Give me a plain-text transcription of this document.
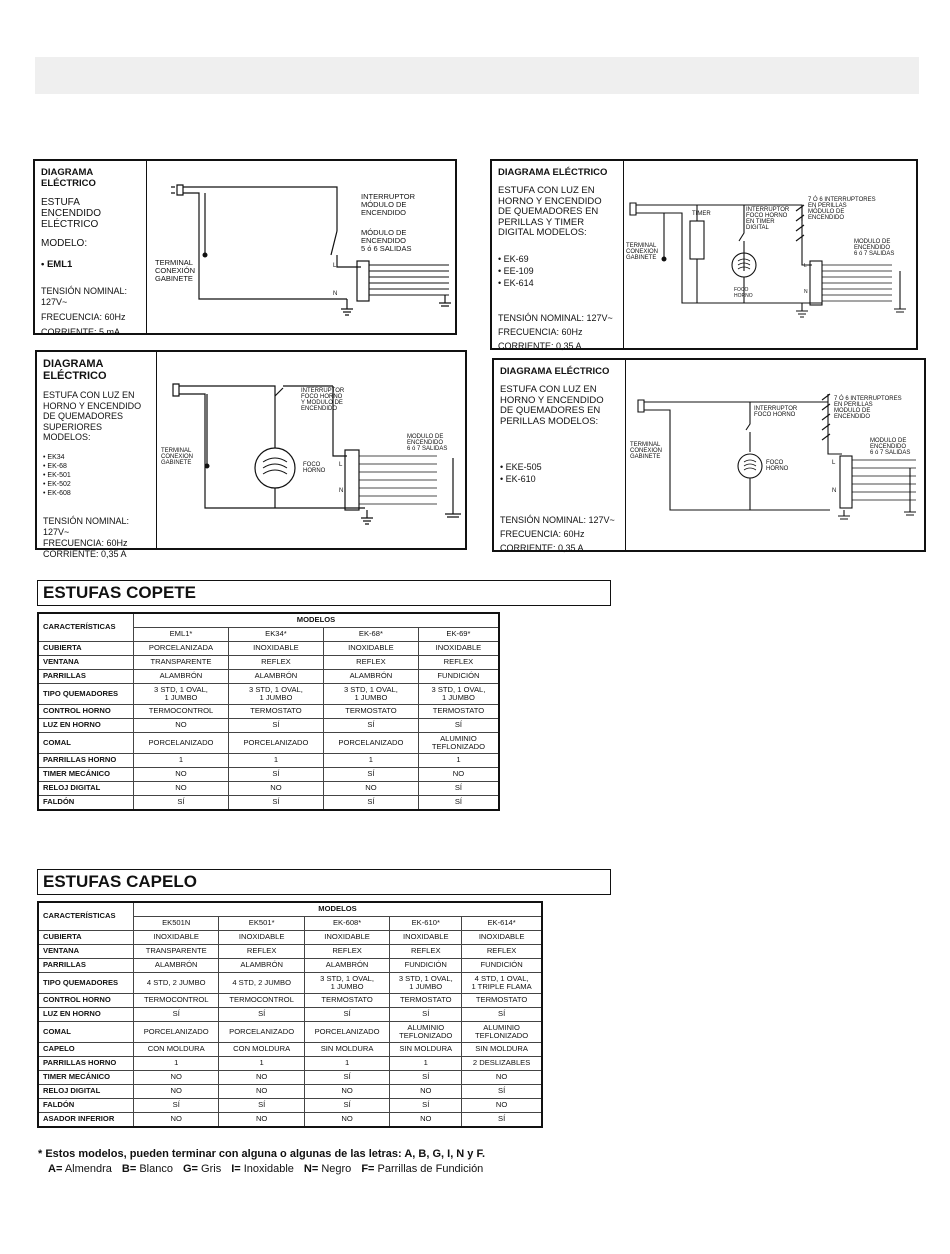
DIAGRAMA ELÉCTRICO
ESTUFA ENCENDIDO ELÉCTRICO
MODELO:
• EML1

TENSIÓN NOMINAL: 127V~

FRECUENCIA: 60Hz

CORRIENTE: 5 mA

TERMINAL
CONEXIÓN
GABINETE
INTERRUPTOR
MÓDULO DE
ENCENDIDO
MÓDULO DE
ENCENDIDO
5 ó 6 SALIDAS
L
N
DIAGRAMA ELÉCTRICO
ESTUFA CON LUZ EN HORNO Y ENCENDIDO DE QUEMADORES EN PERILLAS Y TIMER DIGITAL MODELOS:
• EK-69
• EE-109
• EK-614

TENSIÓN NOMINAL: 127V~

FRECUENCIA: 60Hz

CORRIENTE: 0,35 A

TERMINAL
CONEXION
GABINETE
TIMER
INTERRUPTOR
FOCO HORNO
EN TIMER
DIGITAL
7 Ó 6 INTERRUPTORES
EN PERILLAS
MÓDULO DE
ENCENDIDO
FOCO
HORNO
MODULO DE
ENCENDIDO
6 ó 7 SALIDAS
L
N
DIAGRAMA ELÉCTRICO
ESTUFA CON LUZ EN HORNO Y ENCENDIDO DE QUEMADORES SUPERIORES MODELOS:
• EK34
• EK-68
• EK-501
• EK-502
• EK-608

TENSIÓN NOMINAL: 127V~

FRECUENCIA: 60Hz

CORRIENTE: 0,35 A

TERMINAL
CONEXION
GABINETE
INTERRUPTOR
FOCO HORNO
Y MODULO DE
ENCENDIDO
FOCO
HORNO
MODULO DE
ENCENDIDO
6 ó 7 SALIDAS
L
N
DIAGRAMA ELÉCTRICO
ESTUFA CON LUZ EN HORNO Y ENCENDIDO DE QUEMADORES EN PERILLAS MODELOS:
• EKE-505
• EK-610

TENSIÓN NOMINAL: 127V~

FRECUENCIA: 60Hz

CORRIENTE: 0,35 A

TERMINAL
CONEXION
GABINETE
INTERRUPTOR
FOCO HORNO
7 Ó 6 INTERRUPTORES
EN PERILLAS
MODULO DE
ENCENDIDO
FOCO
HORNO
MODULO DE
ENCENDIDO
6 ó 7 SALIDAS
L
N
ESTUFAS COPETE
CARACTERÍSTICAS	MODELOS			
	EML1*	EK34*	EK-68*	EK-69*
CUBIERTA	PORCELANIZADA	INOXIDABLE	INOXIDABLE	INOXIDABLE
VENTANA	TRANSPARENTE	REFLEX	REFLEX	REFLEX
PARRILLAS	ALAMBRÓN	ALAMBRÓN	ALAMBRÓN	FUNDICIÓN
TIPO QUEMADORES	3 STD, 1 OVAL,
1 JUMBO	3 STD, 1 OVAL,
1 JUMBO	3 STD, 1 OVAL,
1 JUMBO	3 STD, 1 OVAL,
1 JUMBO
CONTROL HORNO	TERMOCONTROL	TERMOSTATO	TERMOSTATO	TERMOSTATO
LUZ EN HORNO	NO	SÍ	SÍ	SÍ
COMAL	PORCELANIZADO	PORCELANIZADO	PORCELANIZADO	ALUMINIO
TEFLONIZADO
PARRILLAS HORNO	1	1	1	1
TIMER MECÁNICO	NO	SÍ	SÍ	NO
RELOJ DIGITAL	NO	NO	NO	SÍ
FALDÓN	SÍ	SÍ	SÍ	SÍ
ESTUFAS CAPELO
CARACTERÍSTICAS	MODELOS				
	EK501N	EK501*	EK-608*	EK-610*	EK-614*
CUBIERTA	INOXIDABLE	INOXIDABLE	INOXIDABLE	INOXIDABLE	INOXIDABLE
VENTANA	TRANSPARENTE	REFLEX	REFLEX	REFLEX	REFLEX
PARRILLAS	ALAMBRÓN	ALAMBRÓN	ALAMBRÓN	FUNDICIÓN	FUNDICIÓN
TIPO QUEMADORES	4 STD, 2 JUMBO	4 STD, 2 JUMBO	3 STD, 1 OVAL,
1 JUMBO	3 STD, 1 OVAL,
1 JUMBO	4 STD, 1 OVAL,
1 TRIPLE FLAMA
CONTROL HORNO	TERMOCONTROL	TERMOCONTROL	TERMOSTATO	TERMOSTATO	TERMOSTATO
LUZ EN HORNO	SÍ	SÍ	SÍ	SÍ	SÍ
COMAL	PORCELANIZADO	PORCELANIZADO	PORCELANIZADO	ALUMINIO
TEFLONIZADO	ALUMINIO
TEFLONIZADO
CAPELO	CON MOLDURA	CON MOLDURA	SIN MOLDURA	SIN MOLDURA	SIN MOLDURA
PARRILLAS HORNO	1	1	1	1	2 DESLIZABLES
TIMER MECÁNICO	NO	NO	SÍ	SÍ	NO
RELOJ DIGITAL	NO	NO	NO	NO	SÍ
FALDÓN	SÍ	SÍ	SÍ	SÍ	NO
ASADOR INFERIOR	NO	NO	NO	NO	SÍ
* Estos modelos, pueden terminar con alguna o algunas de las letras: A, B, G, I, N y F.
A= Almendra B= Blanco G= Gris I= Inoxidable N= Negro F= Parrillas de Fundición
